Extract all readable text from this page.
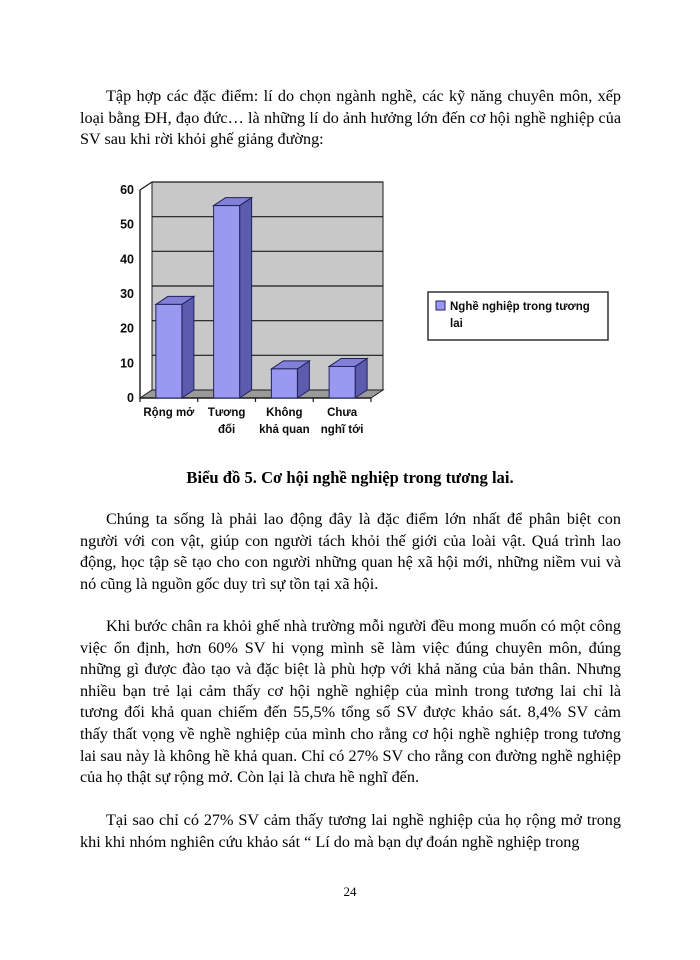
Tập hợp các đặc điểm: lí do chọn ngành nghề, các kỹ năng chuyên môn, xếp loại bằng ĐH, đạo đức… là những lí do ảnh hưởng lớn đến cơ hội nghề nghiệp của SV sau khi rời khỏi ghế giảng đường:

0
10
20
30
40
50
60
Rộng mở Tương
đối
Không
khả quan
Chưa
nghĩ tới
Nghề nghiệp trong tương
lai

Biểu đồ 5. Cơ hội nghề nghiệp trong tương lai.

Chúng ta sống là phải lao động đây là đặc điểm lớn nhất để phân biệt con người với con vật, giúp con người tách khỏi thế giới của loài vật. Quá trình lao động, học tập sẽ tạo cho con người những quan hệ xã hội mới, những niềm vui và nó cũng là nguồn gốc duy trì sự tồn tại xã hội.

Khi bước chân ra khỏi ghế nhà trường mỗi người đều mong muốn có một công việc ổn định, hơn 60% SV hi vọng mình sẽ làm việc đúng chuyên môn, đúng những gì được đào tạo và đặc biệt là phù hợp với khả năng của bản thân. Nhưng nhiều bạn trẻ lại cảm thấy cơ hội nghề nghiệp của mình trong tương lai chỉ là tương đối khả quan chiếm đến 55,5% tổng số SV được khảo sát. 8,4% SV cảm thấy thất vọng về nghề nghiệp của mình cho rằng cơ hội nghề nghiệp trong tương lai sau này là không hề khả quan. Chỉ có 27% SV cho rằng con đường nghề nghiệp của họ thật sự rộng mở. Còn lại là chưa hề nghĩ đến.

Tại sao chỉ có 27% SV cảm thấy tương lai nghề nghiệp của họ rộng mở trong khi khi nhóm nghiên cứu khảo sát “ Lí do mà bạn dự đoán nghề nghiệp trong

24
